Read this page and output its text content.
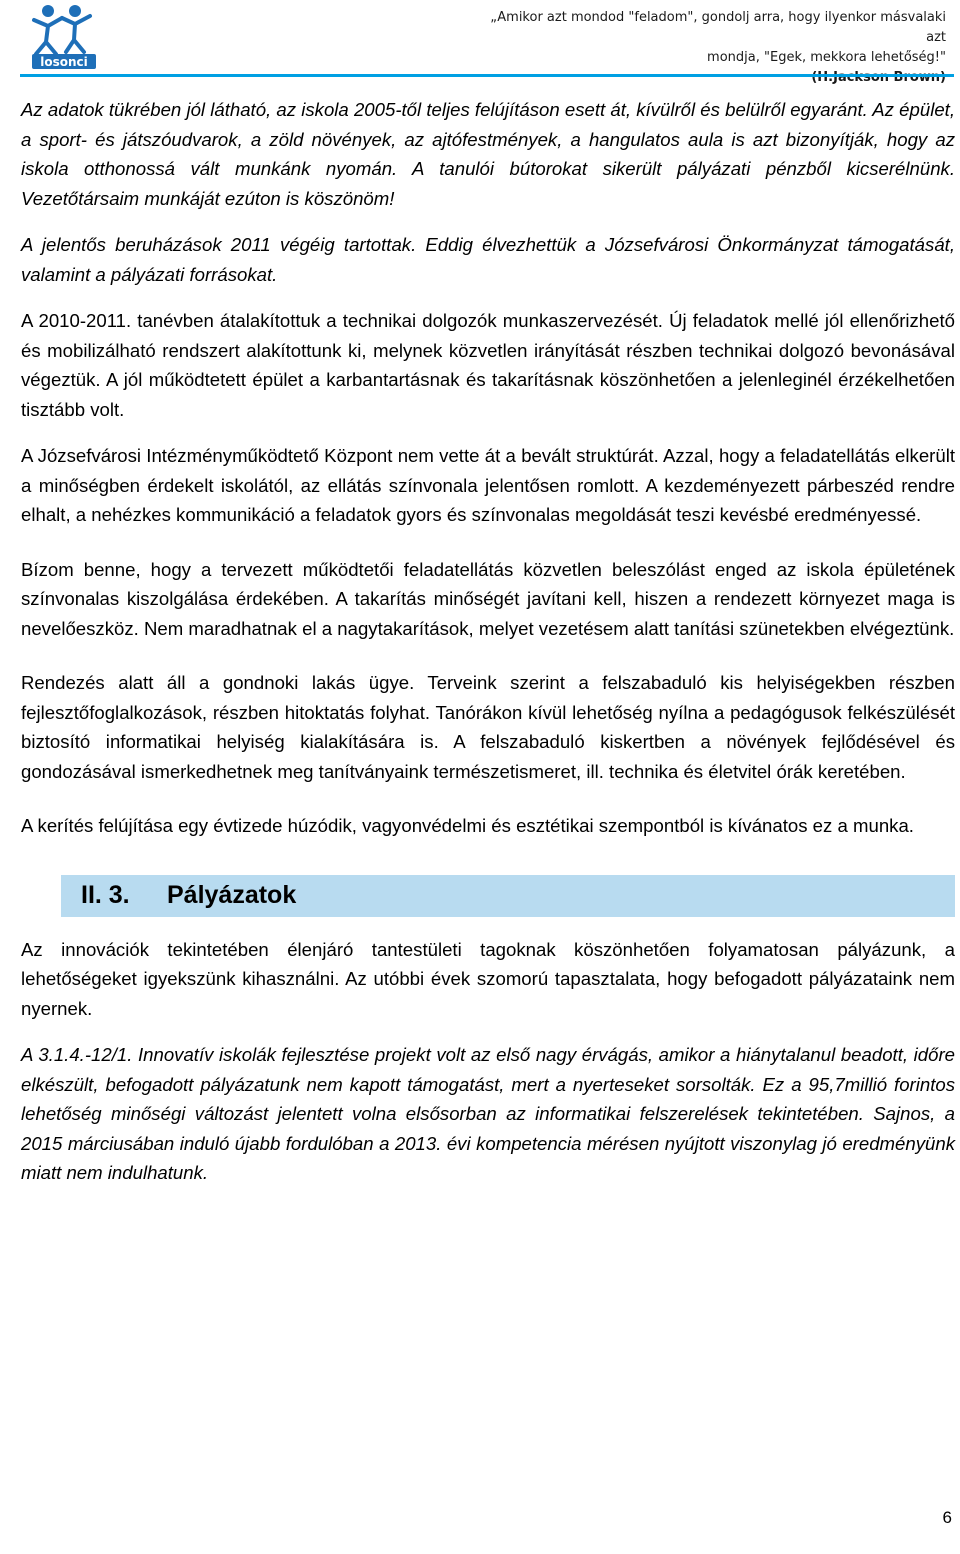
losonci
„Amikor azt mondod "feladom", gondolj arra, hogy ilyenkor másvalaki azt
mondja, "Egek, mekkora lehetőség!"
(H.Jackson Brown)

Az adatok tükrében jól látható, az iskola 2005-től teljes felújításon esett át, kívülről és belülről egyaránt. Az épület, a sport- és játszóudvarok, a zöld növények, az ajtófestmények, a hangulatos aula is azt bizonyítják, hogy az iskola otthonossá vált munkánk nyomán. A tanulói bútorokat sikerült pályázati pénzből kicserélnünk. Vezetőtársaim munkáját ezúton is köszönöm!

A jelentős beruházások 2011 végéig tartottak. Eddig élvezhettük a Józsefvárosi Önkormányzat támogatását, valamint a pályázati forrásokat.

A 2010-2011. tanévben átalakítottuk a technikai dolgozók munkaszervezését. Új feladatok mellé jól ellenőrizhető és mobilizálható rendszert alakítottunk ki, melynek közvetlen irányítását részben technikai dolgozó bevonásával végeztük. A jól működtetett épület a karbantartásnak és takarításnak köszönhetően a jelenleginél érzékelhetően tisztább volt.

A Józsefvárosi Intézményműködtető Központ nem vette át a bevált struktúrát. Azzal, hogy a feladatellátás elkerült a minőségben érdekelt iskolától, az ellátás színvonala jelentősen romlott. A kezdeményezett párbeszéd rendre elhalt, a nehézkes kommunikáció a feladatok gyors és színvonalas megoldását teszi kevésbé eredményessé.

Bízom benne, hogy a tervezett működtetői feladatellátás közvetlen beleszólást enged az iskola épületének színvonalas kiszolgálása érdekében. A takarítás minőségét javítani kell, hiszen a rendezett környezet maga is nevelőeszköz. Nem maradhatnak el a nagytakarítások, melyet vezetésem alatt tanítási szünetekben elvégeztünk.

Rendezés alatt áll a gondnoki lakás ügye. Terveink szerint a felszabaduló kis helyiségekben részben fejlesztőfoglalkozások, részben hitoktatás folyhat. Tanórákon kívül lehetőség nyílna a pedagógusok felkészülését biztosító informatikai helyiség kialakítására is. A felszabaduló kiskertben a növények fejlődésével és gondozásával ismerkedhetnek meg tanítványaink természetismeret, ill. technika és életvitel órák keretében.

A kerítés felújítása egy évtizede húzódik, vagyonvédelmi és esztétikai szempontból is kívánatos ez a munka.

II. 3.	Pályázatok

Az innovációk tekintetében élenjáró tantestületi tagoknak köszönhetően folyamatosan pályázunk, a lehetőségeket igyekszünk kihasználni. Az utóbbi évek szomorú tapasztalata, hogy befogadott pályázataink nem nyernek.

A 3.1.4.-12/1. Innovatív iskolák fejlesztése projekt volt az első nagy érvágás, amikor a hiánytalanul beadott, időre elkészült, befogadott pályázatunk nem kapott támogatást, mert a nyerteseket sorsolták. Ez a 95,7millió forintos lehetőség minőségi változást jelentett volna elsősorban az informatikai felszerelések tekintetében. Sajnos, a 2015 márciusában induló újabb fordulóban a 2013. évi kompetencia mérésen nyújtott viszonylag jó eredményünk miatt nem indulhatunk.

6
